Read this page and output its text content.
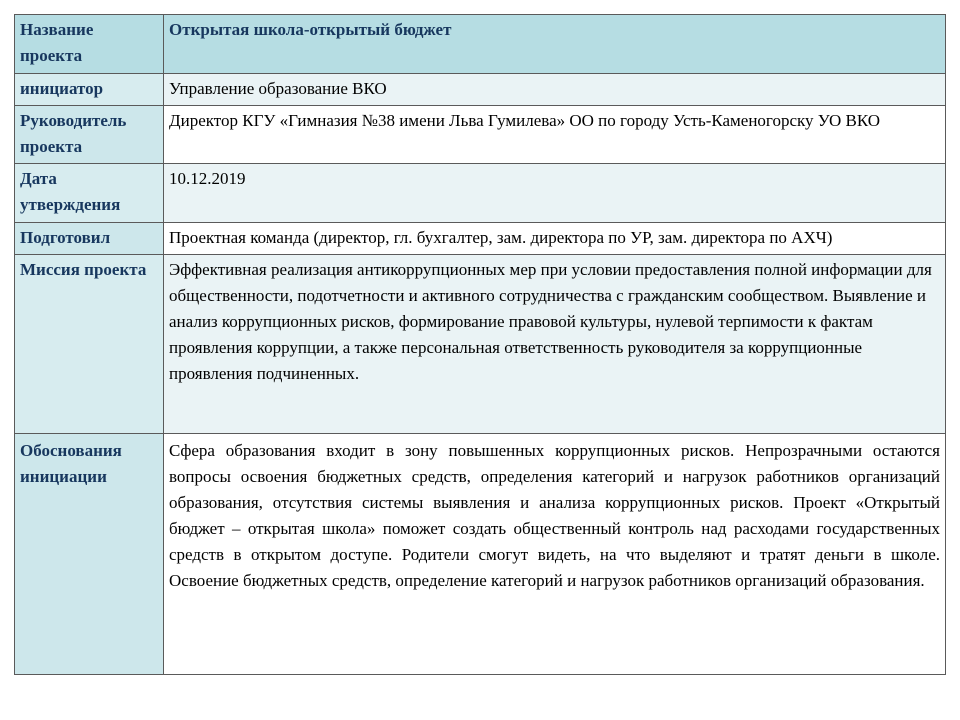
Название проекта	Открытая школа-открытый бюджет
инициатор	Управление образование ВКО
Руководитель проекта	Директор КГУ «Гимназия №38 имени Льва Гумилева» ОО по городу Усть-Каменогорску УО ВКО
Дата утверждения	10.12.2019
Подготовил	Проектная команда (директор, гл. бухгалтер, зам. директора по УР, зам. директора по АХЧ)
Миссия проекта	Эффективная реализация антикоррупционных мер при условии предоставления полной информации для общественности, подотчетности и активного сотрудничества с гражданским сообществом. Выявление и анализ коррупционных рисков, формирование правовой культуры, нулевой терпимости к фактам проявления коррупции, а также персональная ответственность руководителя за коррупционные проявления подчиненных.
Обоснования инициации	Сфера образования входит в зону повышенных коррупционных рисков. Непрозрачными остаются вопросы освоения бюджетных средств, определения категорий и нагрузок работников организаций образования, отсутствия системы выявления и анализа коррупционных рисков. Проект «Открытый бюджет – открытая школа» поможет создать общественный контроль над расходами государственных средств в открытом доступе. Родители смогут видеть, на что выделяют и тратят деньги в школе. Освоение бюджетных средств, определение категорий и нагрузок работников организаций образования.
